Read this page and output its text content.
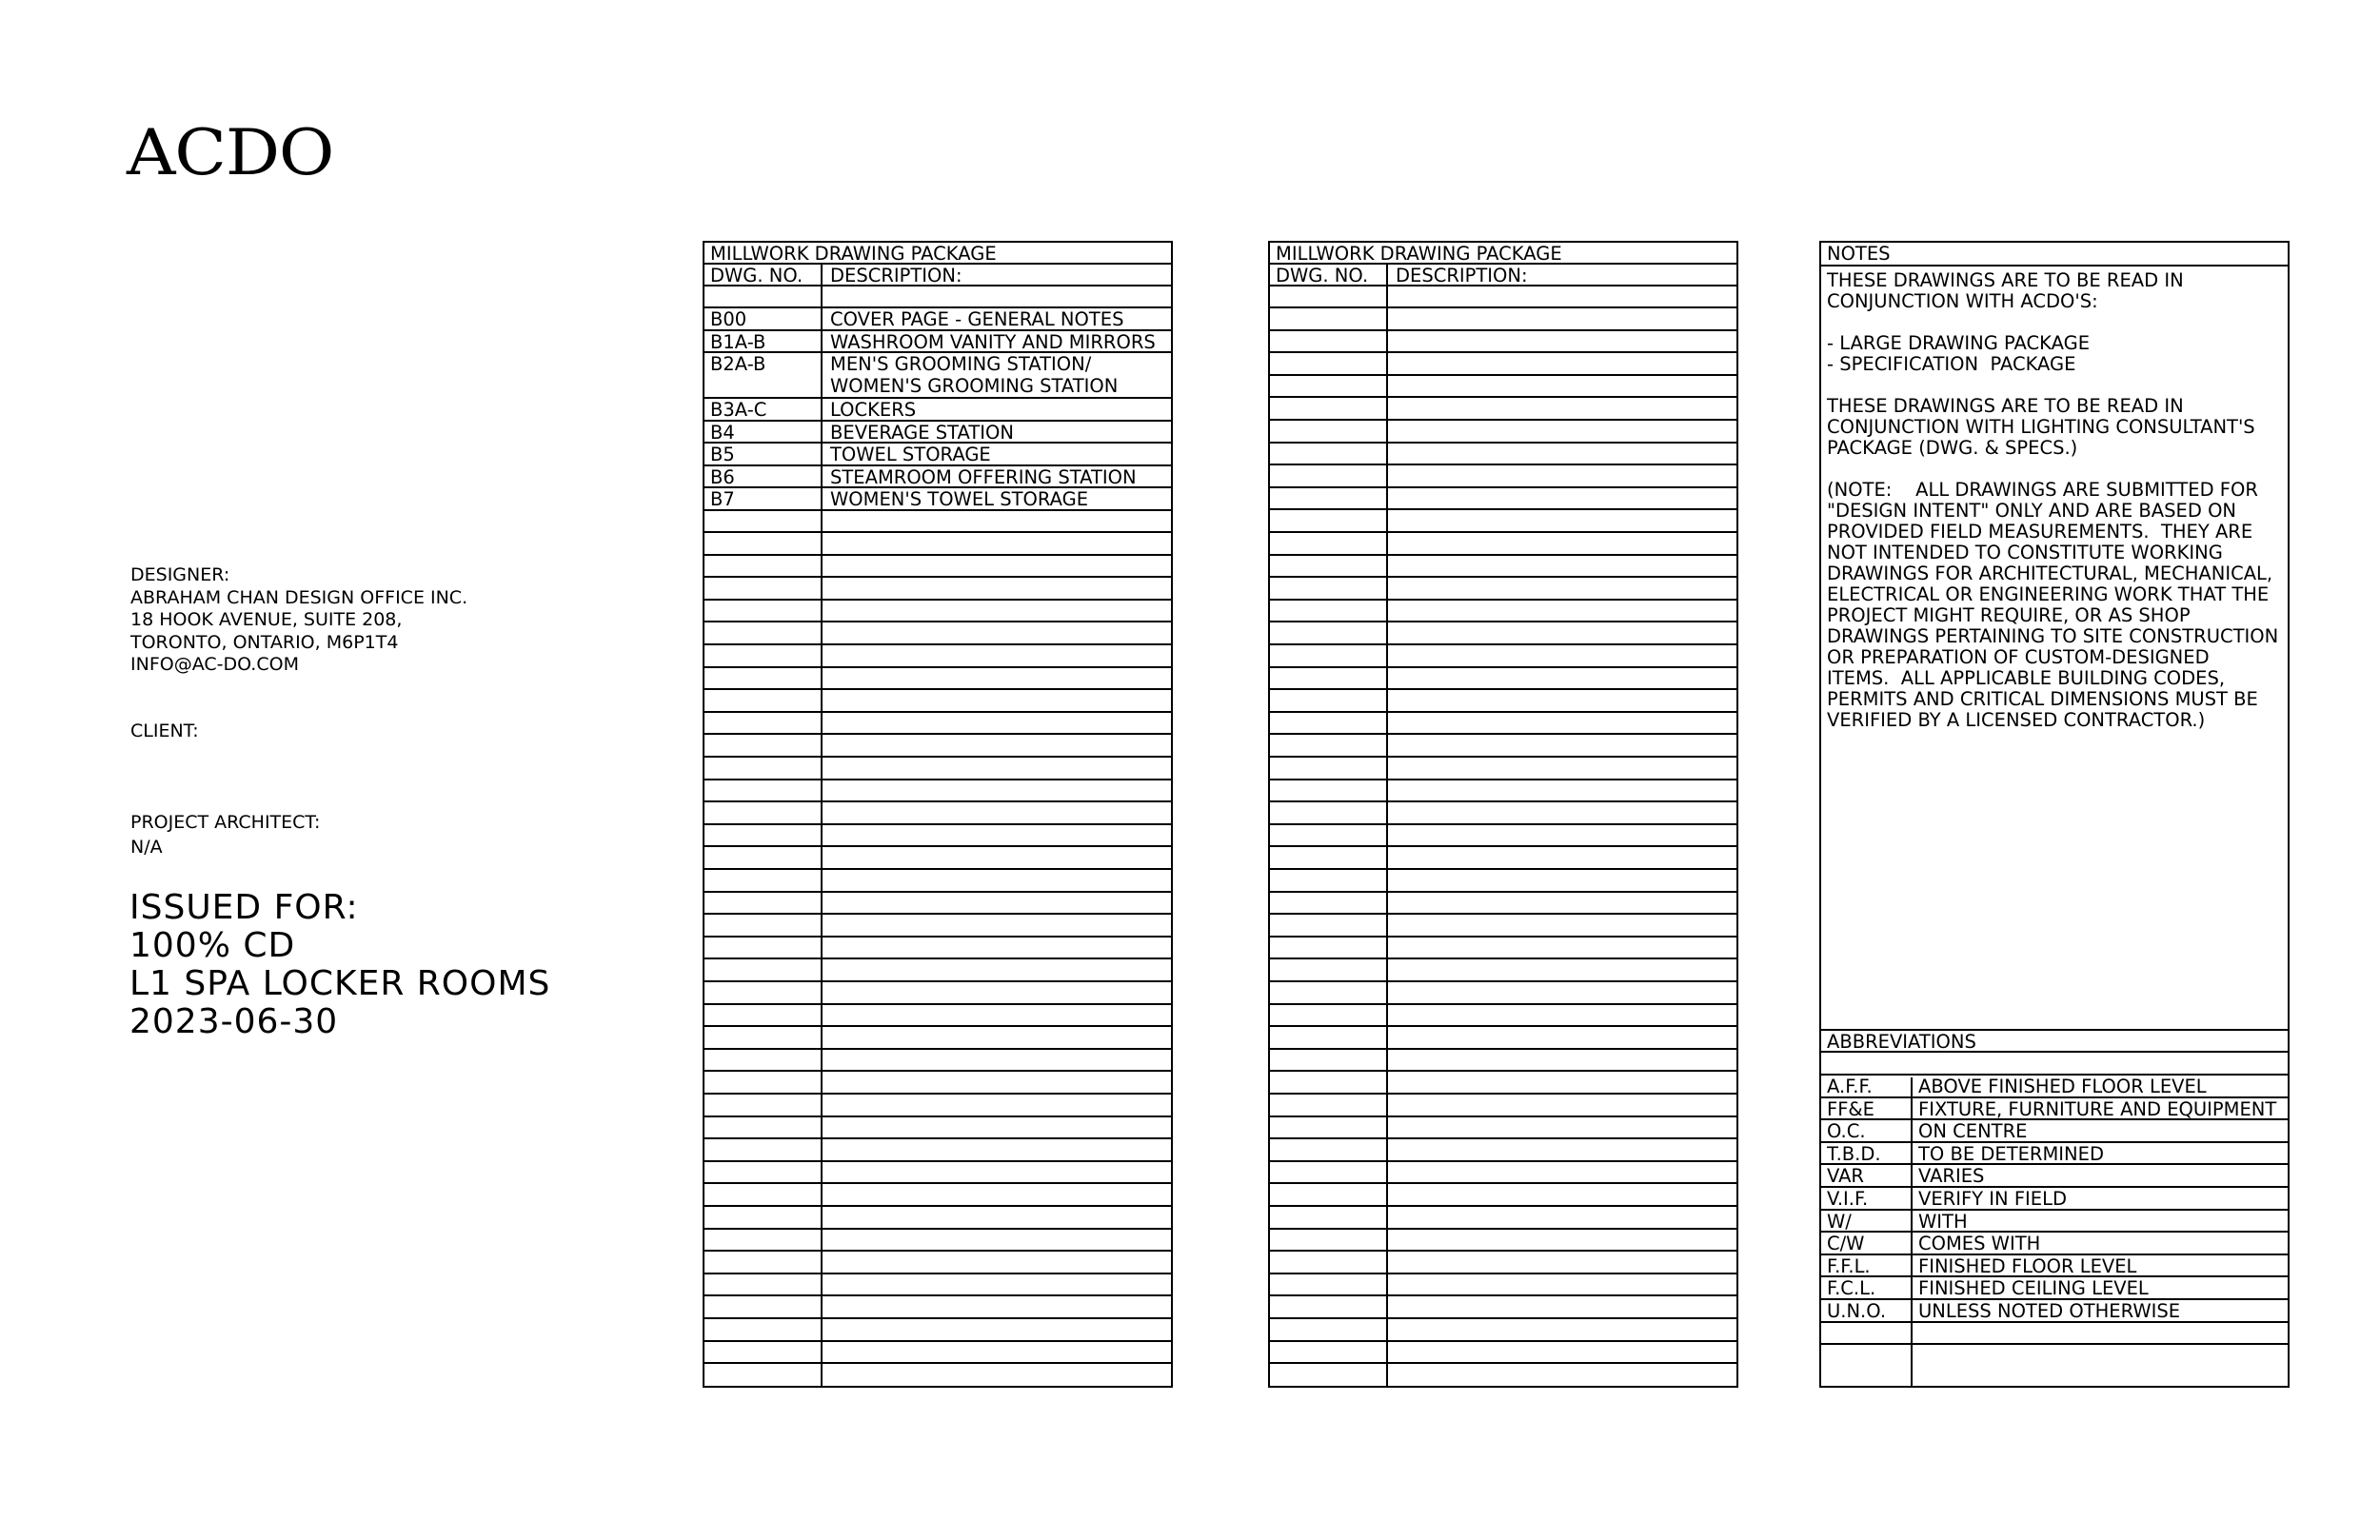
ACDO
DESIGNER:
ABRAHAM CHAN DESIGN OFFICE INC.
18 HOOK AVENUE, SUITE 208,
TORONTO, ONTARIO, M6P1T4
INFO@AC-DO.COM
CLIENT:
PROJECT ARCHITECT:
N/A
ISSUED FOR:
100% CD
L1 SPA LOCKER ROOMS
2023-06-30
MILLWORK DRAWING PACKAGE
DWG. NO.	DESCRIPTION:
B00	COVER PAGE - GENERAL NOTES
B1A-B	WASHROOM VANITY AND MIRRORS
B2A-B	MEN'S GROOMING STATION/
WOMEN'S GROOMING STATION
B3A-C	LOCKERS
B4	BEVERAGE STATION
B5	TOWEL STORAGE
B6	STEAMROOM OFFERING STATION
B7	WOMEN'S TOWEL STORAGE
MILLWORK DRAWING PACKAGE
DWG. NO.	DESCRIPTION:
NOTES

THESE DRAWINGS ARE TO BE READ IN

CONJUNCTION WITH ACDO'S:

- LARGE DRAWING PACKAGE

- SPECIFICATION  PACKAGE

THESE DRAWINGS ARE TO BE READ IN

CONJUNCTION WITH LIGHTING CONSULTANT'S

PACKAGE (DWG. & SPECS.)

(NOTE:    ALL DRAWINGS ARE SUBMITTED FOR

"DESIGN INTENT" ONLY AND ARE BASED ON

PROVIDED FIELD MEASUREMENTS.  THEY ARE

NOT INTENDED TO CONSTITUTE WORKING

DRAWINGS FOR ARCHITECTURAL, MECHANICAL,

ELECTRICAL OR ENGINEERING WORK THAT THE

PROJECT MIGHT REQUIRE, OR AS SHOP

DRAWINGS PERTAINING TO SITE CONSTRUCTION

OR PREPARATION OF CUSTOM-DESIGNED

ITEMS.  ALL APPLICABLE BUILDING CODES,

PERMITS AND CRITICAL DIMENSIONS MUST BE

VERIFIED BY A LICENSED CONTRACTOR.)

ABBREVIATIONS
A.F.F.	ABOVE FINISHED FLOOR LEVEL
FF&E	FIXTURE, FURNITURE AND EQUIPMENT
O.C.	ON CENTRE
T.B.D.	TO BE DETERMINED
VAR	VARIES
V.I.F.	VERIFY IN FIELD
W/	WITH
C/W	COMES WITH
F.F.L.	FINISHED FLOOR LEVEL
F.C.L.	FINISHED CEILING LEVEL
U.N.O.	UNLESS NOTED OTHERWISE
